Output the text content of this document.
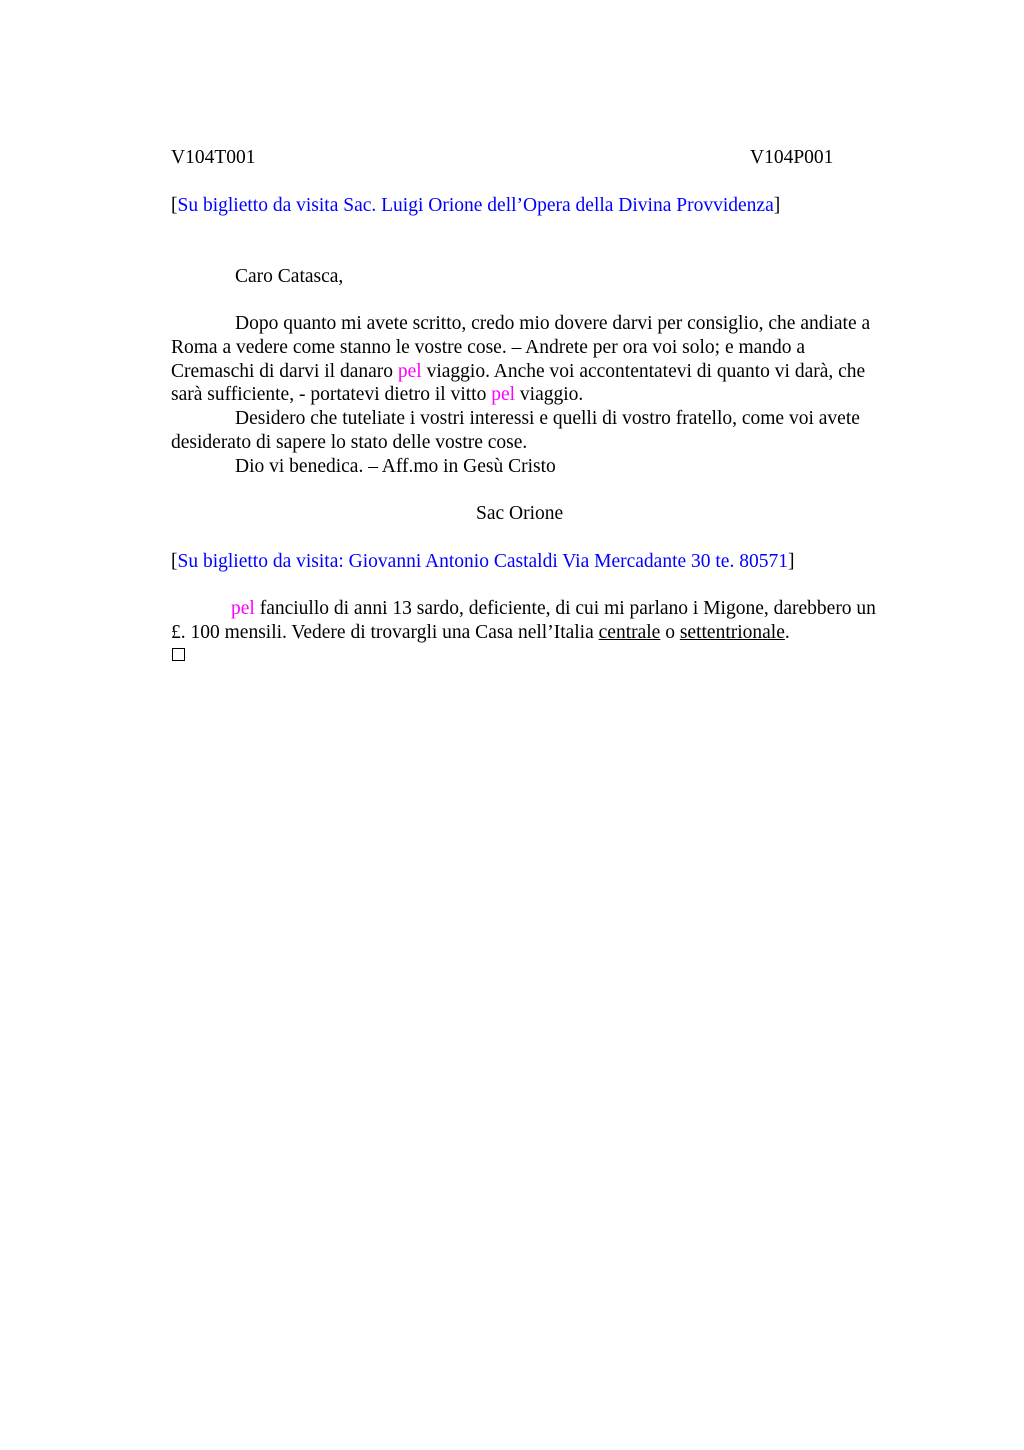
V104T001	V104P001
[Su biglietto da visita Sac. Luigi Orione dell’Opera della Divina Provvidenza]
Caro Catasca,
Dopo quanto mi avete scritto, credo mio dovere darvi per consiglio, che andiate a
Roma a vedere come stanno le vostre cose. – Andrete per ora voi solo; e mando a
Cremaschi di darvi il danaro pel viaggio. Anche voi accontentatevi di quanto vi darà, che
sarà sufficiente, - portatevi dietro il vitto pel viaggio.
Desidero che tuteliate i vostri interessi e quelli di vostro fratello, come voi avete
desiderato di sapere lo stato delle vostre cose.
Dio vi benedica. – Aff.mo in Gesù Cristo
Sac Orione
[Su biglietto da visita: Giovanni Antonio Castaldi Via Mercadante 30 te. 80571]
pel fanciullo di anni 13 sardo, deficiente, di cui mi parlano i Migone, darebbero un
£. 100 mensili. Vedere di trovargli una Casa nell’Italia centrale o settentrionale.
